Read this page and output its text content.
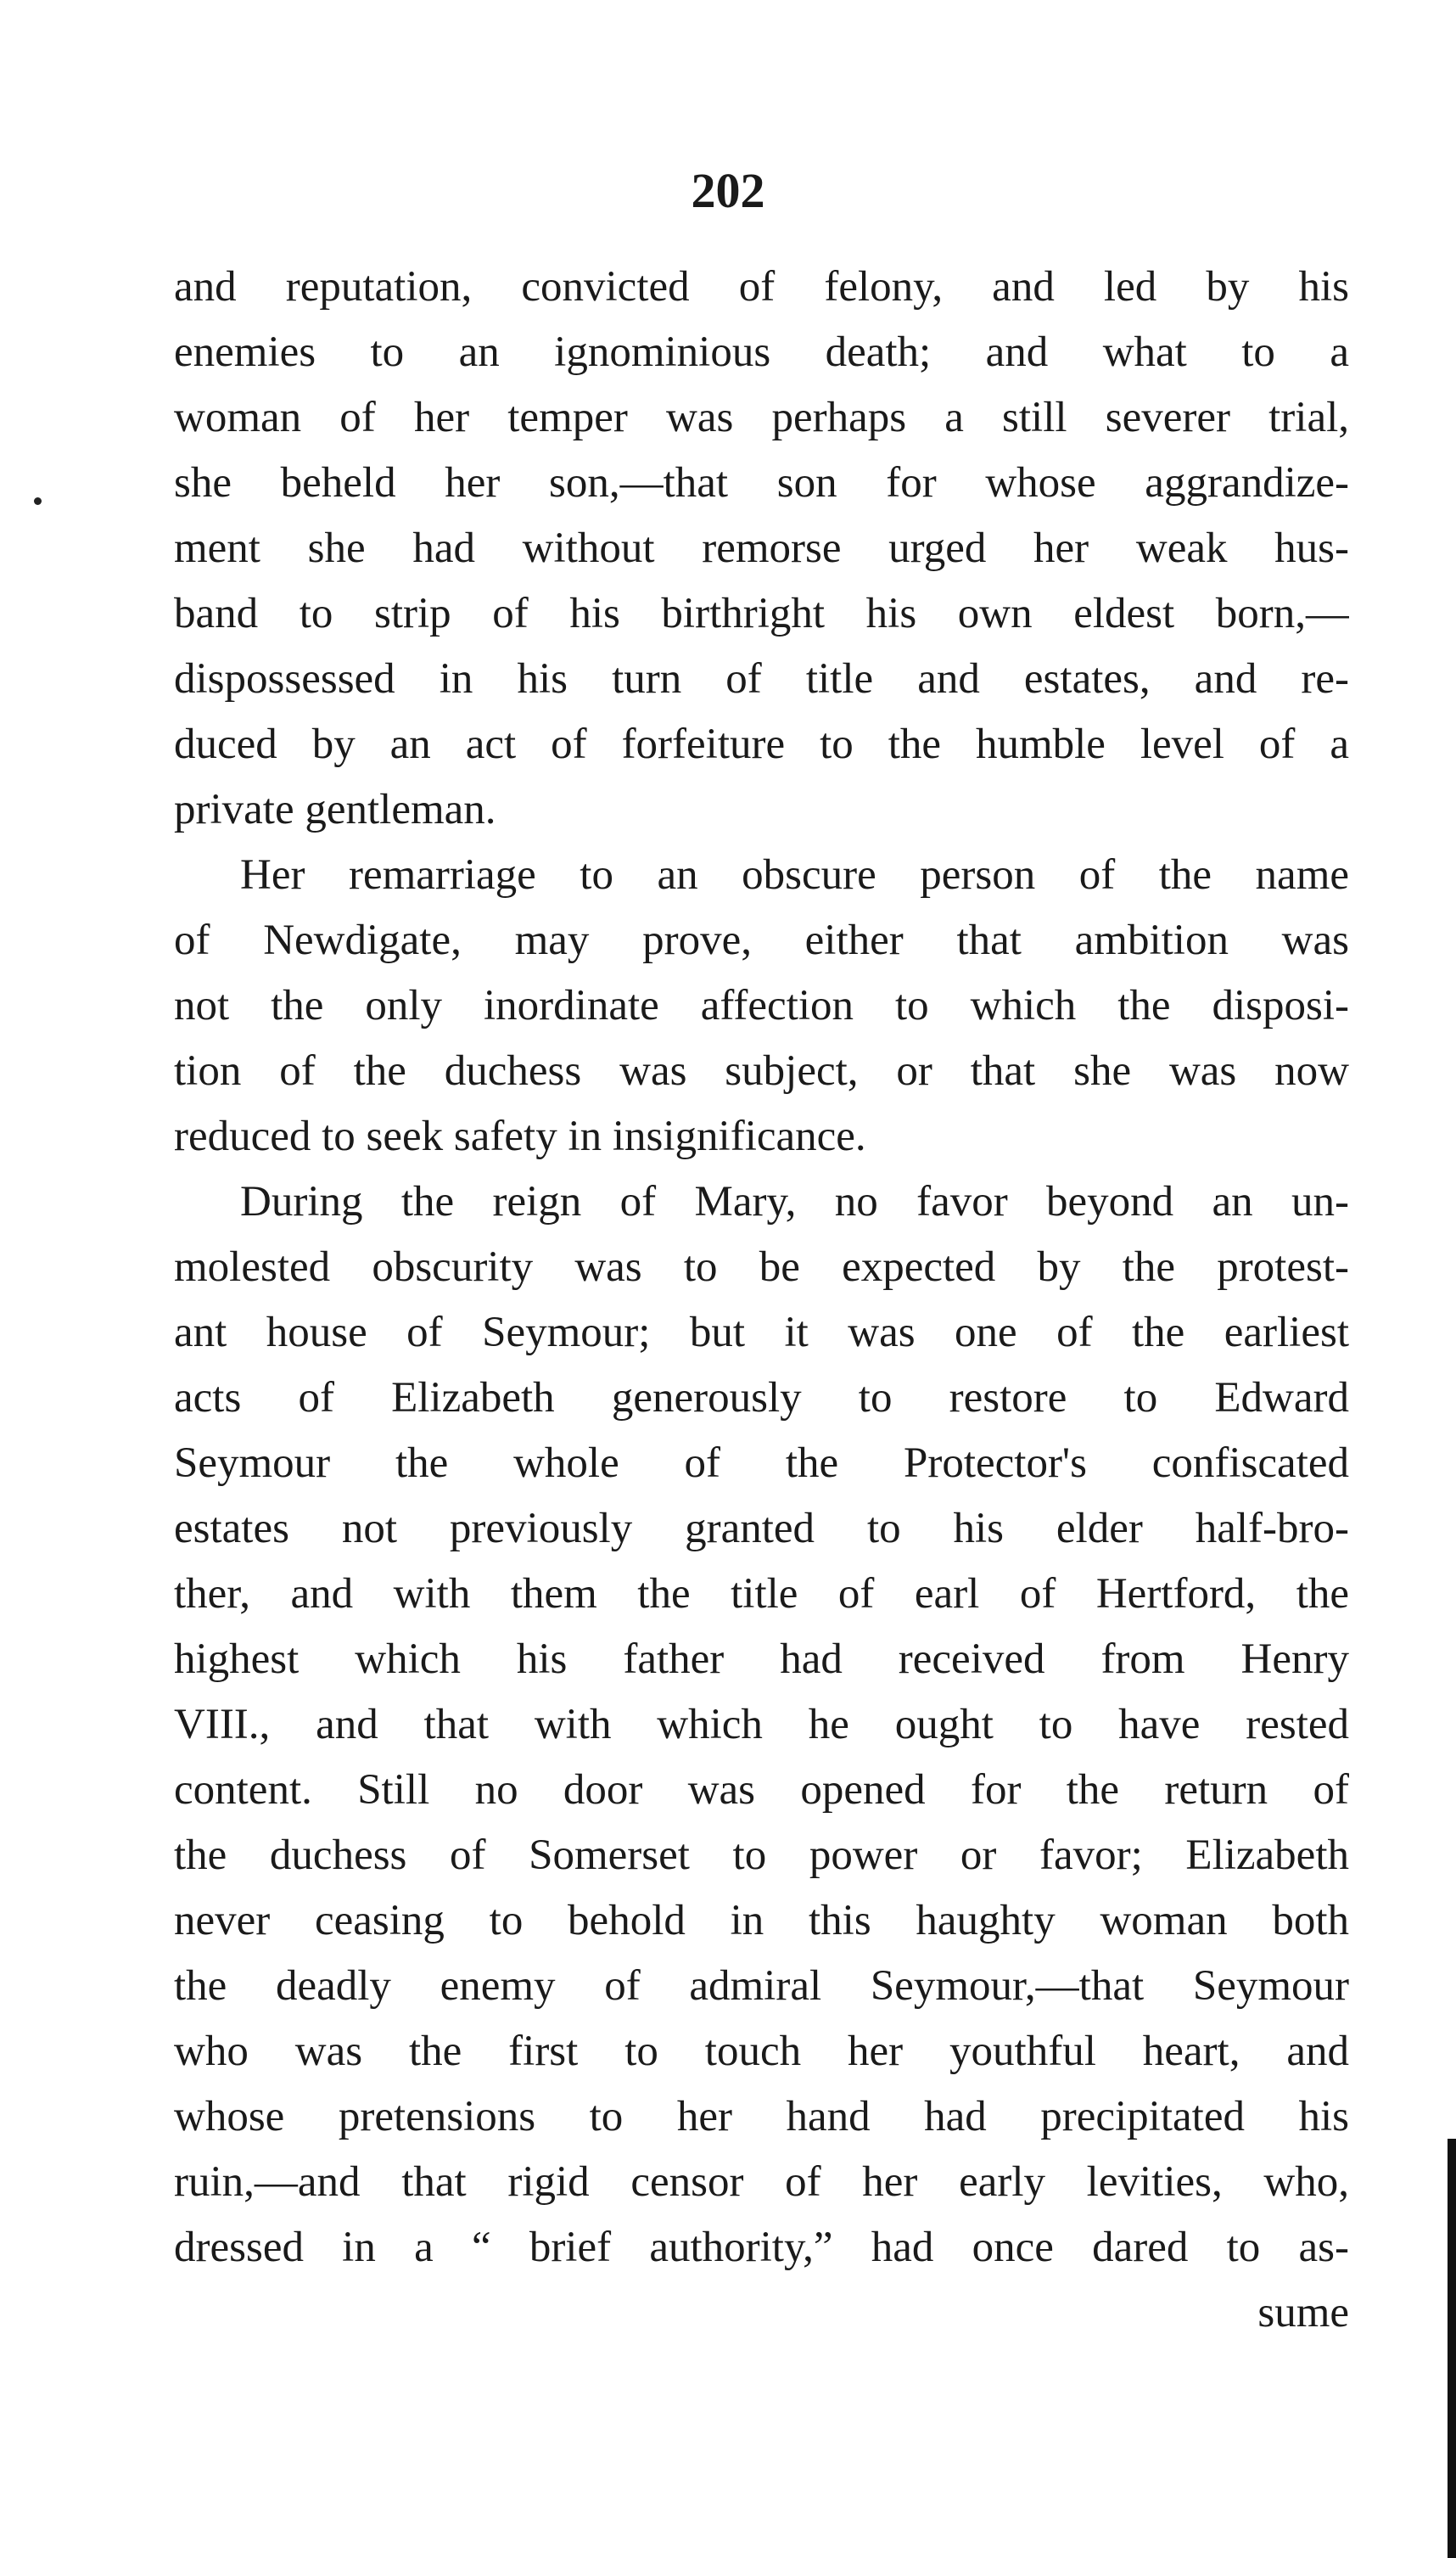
202
and reputation, convicted of felony, and led by his
enemies to an ignominious death; and what to a
woman of her temper was perhaps a still severer trial,
she beheld her son,—that son for whose aggrandize-
ment she had without remorse urged her weak hus-
band to strip of his birthright his own eldest born,—
dispossessed in his turn of title and estates, and re-
duced by an act of forfeiture to the humble level of a
private gentleman.
Her remarriage to an obscure person of the name
of Newdigate, may prove, either that ambition was
not the only inordinate affection to which the disposi-
tion of the duchess was subject, or that she was now
reduced to seek safety in insignificance.
During the reign of Mary, no favor beyond an un-
molested obscurity was to be expected by the protest-
ant house of Seymour; but it was one of the earliest
acts of Elizabeth generously to restore to Edward
Seymour the whole of the Protector's confiscated
estates not previously granted to his elder half-bro-
ther, and with them the title of earl of Hertford, the
highest which his father had received from Henry
VIII., and that with which he ought to have rested
content. Still no door was opened for the return of
the duchess of Somerset to power or favor; Elizabeth
never ceasing to behold in this haughty woman both
the deadly enemy of admiral Seymour,—that Seymour
who was the first to touch her youthful heart, and
whose pretensions to her hand had precipitated his
ruin,—and that rigid censor of her early levities, who,
dressed in a “ brief authority,” had once dared to as-
sume
